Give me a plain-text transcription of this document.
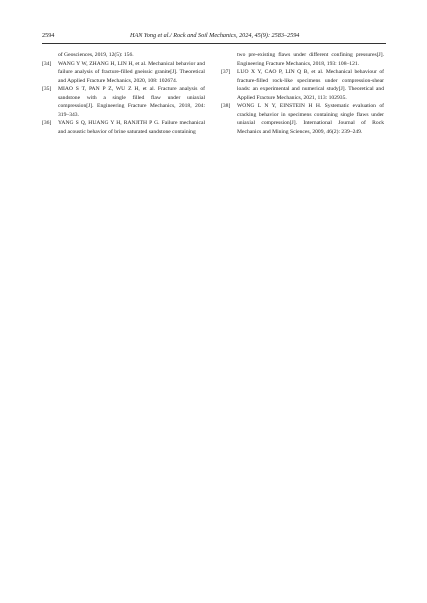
2594	HAN Yong et al./ Rock and Soil Mechanics, 2024, 45(9): 2583–2594

of Geosciences, 2019, 12(5): 156.

[34] WANG Y W, ZHANG H, LIN H, et al. Mechanical behavior and failure analysis of fracture-filled gneissic granite[J]. Theoretical and Applied Fracture Mechanics, 2020, 108: 102674.

[35] MIAO S T, PAN P Z, WU Z H, et al. Fracture analysis of sandstone with a single filled flaw under uniaxial compression[J]. Engineering Fracture Mechanics, 2018, 204: 319–343.

[36] YANG S Q, HUANG Y H, RANJITH P G. Failure mechanical and acoustic behavior of brine saturated sandstone containing

two pre-existing flaws under different confining pressures[J]. Engineering Fracture Mechanics, 2018, 193: 108–121.

[37] LUO X Y, CAO P, LIN Q B, et al. Mechanical behaviour of fracture-filled rock-like specimens under compression-shear loads: an experimental and numerical study[J]. Theoretical and Applied Fracture Mechanics, 2021, 113: 102935.

[38] WONG L N Y, EINSTEIN H H. Systematic evaluation of cracking behavior in specimens containing single flaws under uniaxial compression[J]. International Journal of Rock Mechanics and Mining Sciences, 2009, 46(2): 239–249.
